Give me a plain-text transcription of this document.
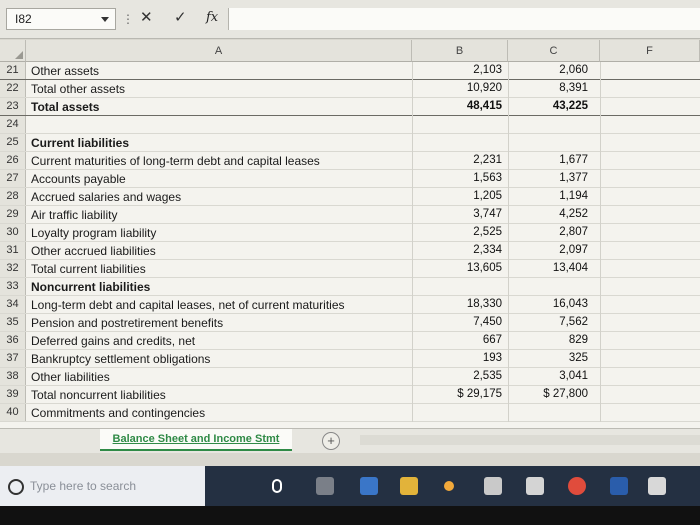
I82	⋮ ✕ ✓ fx
A	B	C	F
21	Other assets	2,103	2,060
22	Total other assets	10,920	8,391
23	Total assets	48,415	43,225
24
25	Current liabilities
26	Current maturities of long-term debt and capital leases	2,231	1,677
27	Accounts payable	1,563	1,377
28	Accrued salaries and wages	1,205	1,194
29	Air traffic liability	3,747	4,252
30	Loyalty program liability	2,525	2,807
31	Other accrued liabilities	2,334	2,097
32	Total current liabilities	13,605	13,404
33	Noncurrent liabilities
34	Long-term debt and capital leases, net of current maturities	18,330	16,043
35	Pension and postretirement benefits	7,450	7,562
36	Deferred gains and credits, net	667	829
37	Bankruptcy settlement obligations	193	325
38	Other liabilities	2,535	3,041
39	Total noncurrent liabilities	$ 29,175	$ 27,800
40	Commitments and contingencies
Balance Sheet and Income Stmt	+
Type here to search
